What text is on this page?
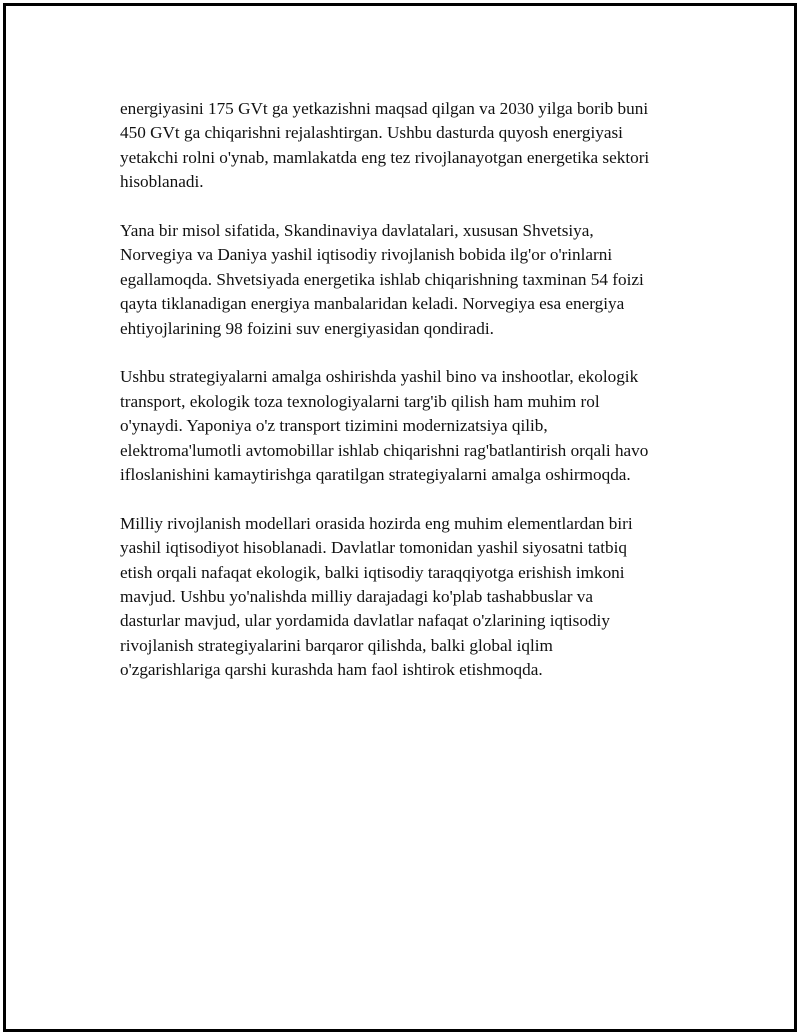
energiyasini 175 GVt ga yetkazishni maqsad qilgan va 2030 yilga borib buni
450 GVt ga chiqarishni rejalashtirgan. Ushbu dasturda quyosh energiyasi
yetakchi rolni o'ynab, mamlakatda eng tez rivojlanayotgan energetika sektori
hisoblanadi.

Yana bir misol sifatida, Skandinaviya davlatalari, xususan Shvetsiya,
Norvegiya va Daniya yashil iqtisodiy rivojlanish bobida ilg'or o'rinlarni
egallamoqda. Shvetsiyada energetika ishlab chiqarishning taxminan 54 foizi
qayta tiklanadigan energiya manbalaridan keladi. Norvegiya esa energiya
ehtiyojlarining 98 foizini suv energiyasidan qondiradi.

Ushbu strategiyalarni amalga oshirishda yashil bino va inshootlar, ekologik
transport, ekologik toza texnologiyalarni targ'ib qilish ham muhim rol
o'ynaydi. Yaponiya o'z transport tizimini modernizatsiya qilib,
elektroma'lumotli avtomobillar ishlab chiqarishni rag'batlantirish orqali havo
ifloslanishini kamaytirishga qaratilgan strategiyalarni amalga oshirmoqda.

Milliy rivojlanish modellari orasida hozirda eng muhim elementlardan biri
yashil iqtisodiyot hisoblanadi. Davlatlar tomonidan yashil siyosatni tatbiq
etish orqali nafaqat ekologik, balki iqtisodiy taraqqiyotga erishish imkoni
mavjud. Ushbu yo'nalishda milliy darajadagi ko'plab tashabbuslar va
dasturlar mavjud, ular yordamida davlatlar nafaqat o'zlarining iqtisodiy
rivojlanish strategiyalarini barqaror qilishda, balki global iqlim
o'zgarishlariga qarshi kurashda ham faol ishtirok etishmoqda.
